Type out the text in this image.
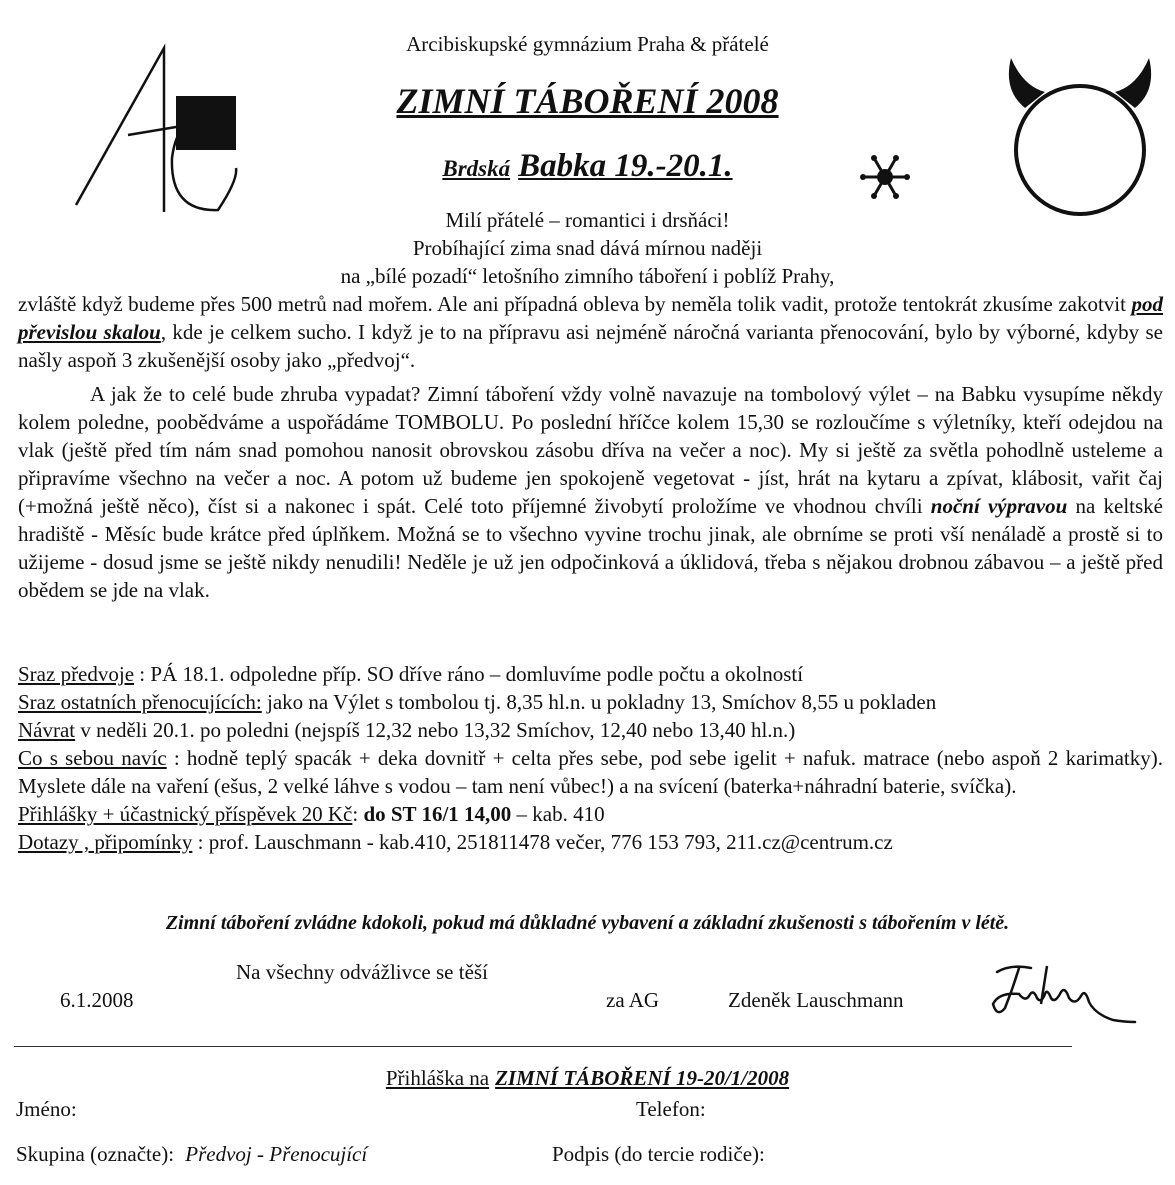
Arcibiskupské gymnázium Praha & přátelé
ZIMNÍ TÁBOŘENÍ 2008
Brdská Babka 19.-20.1.
Milí přátelé – romantici i drsňáci!
Probíhající zima snad dává mírnou naději
na „bílé pozadí“ letošního zimního táboření i poblíž Prahy,

zvláště když budeme přes 500 metrů nad mořem. Ale ani případná obleva by neměla tolik vadit, protože tentokrát zkusíme zakotvit pod převislou skalou, kde je celkem sucho. I když je to na přípravu asi nejméně náročná varianta přenocování, bylo by výborné, kdyby se našly aspoň 3 zkušenější osoby jako „předvoj“.

A jak že to celé bude zhruba vypadat? Zimní táboření vždy volně navazuje na tombolový výlet – na Babku vysupíme někdy kolem poledne, poobědváme a uspořádáme TOMBOLU. Po poslední hříčce kolem 15,30 se rozloučíme s výletníky, kteří odejdou na vlak (ještě před tím nám snad pomohou nanosit obrovskou zásobu dříva na večer a noc). My si ještě za světla pohodlně usteleme a připravíme všechno na večer a noc. A potom už budeme jen spokojeně vegetovat - jíst, hrát na kytaru a zpívat, klábosit, vařit čaj (+možná ještě něco), číst si a nakonec i spát. Celé toto příjemné živobytí proložíme ve vhodnou chvíli noční výpravou na keltské hradiště - Měsíc bude krátce před úplňkem. Možná se to všechno vyvine trochu jinak, ale obrníme se proti vší nenáladě a prostě si to užijeme - dosud jsme se ještě nikdy nenudili! Neděle je už jen odpočinková a úklidová, třeba s nějakou drobnou zábavou – a ještě před obědem se jde na vlak.

Sraz předvoje : PÁ 18.1. odpoledne příp. SO dříve ráno – domluvíme podle počtu a okolností
Sraz ostatních přenocujících: jako na Výlet s tombolou tj. 8,35 hl.n. u pokladny 13, Smíchov 8,55 u pokladen
Návrat v neděli 20.1. po poledni (nejspíš 12,32 nebo 13,32 Smíchov, 12,40 nebo 13,40 hl.n.)
Co s sebou navíc : hodně teplý spacák + deka dovnitř + celta přes sebe, pod sebe igelit + nafuk. matrace (nebo aspoň 2 karimatky). Myslete dále na vaření (ešus, 2 velké láhve s vodou – tam není vůbec!) a na svícení (baterka+náhradní baterie, svíčka).
Přihlášky + účastnický příspěvek 20 Kč: do ST 16/1 14,00 – kab. 410
Dotazy , připomínky : prof. Lauschmann - kab.410, 251811478 večer, 776 153 793, 211.cz@centrum.cz
Zimní táboření zvládne kdokoli, pokud má důkladné vybavení a základní zkušenosti s tábořením v létě.
Na všechny odvážlivce se těší
6.1.2008	za AG	Zdeněk Lauschmann
Přihláška na ZIMNÍ TÁBOŘENÍ 19-20/1/2008
Jméno:	Telefon:
Skupina (označte): Předvoj - Přenocující	Podpis (do tercie rodiče):
